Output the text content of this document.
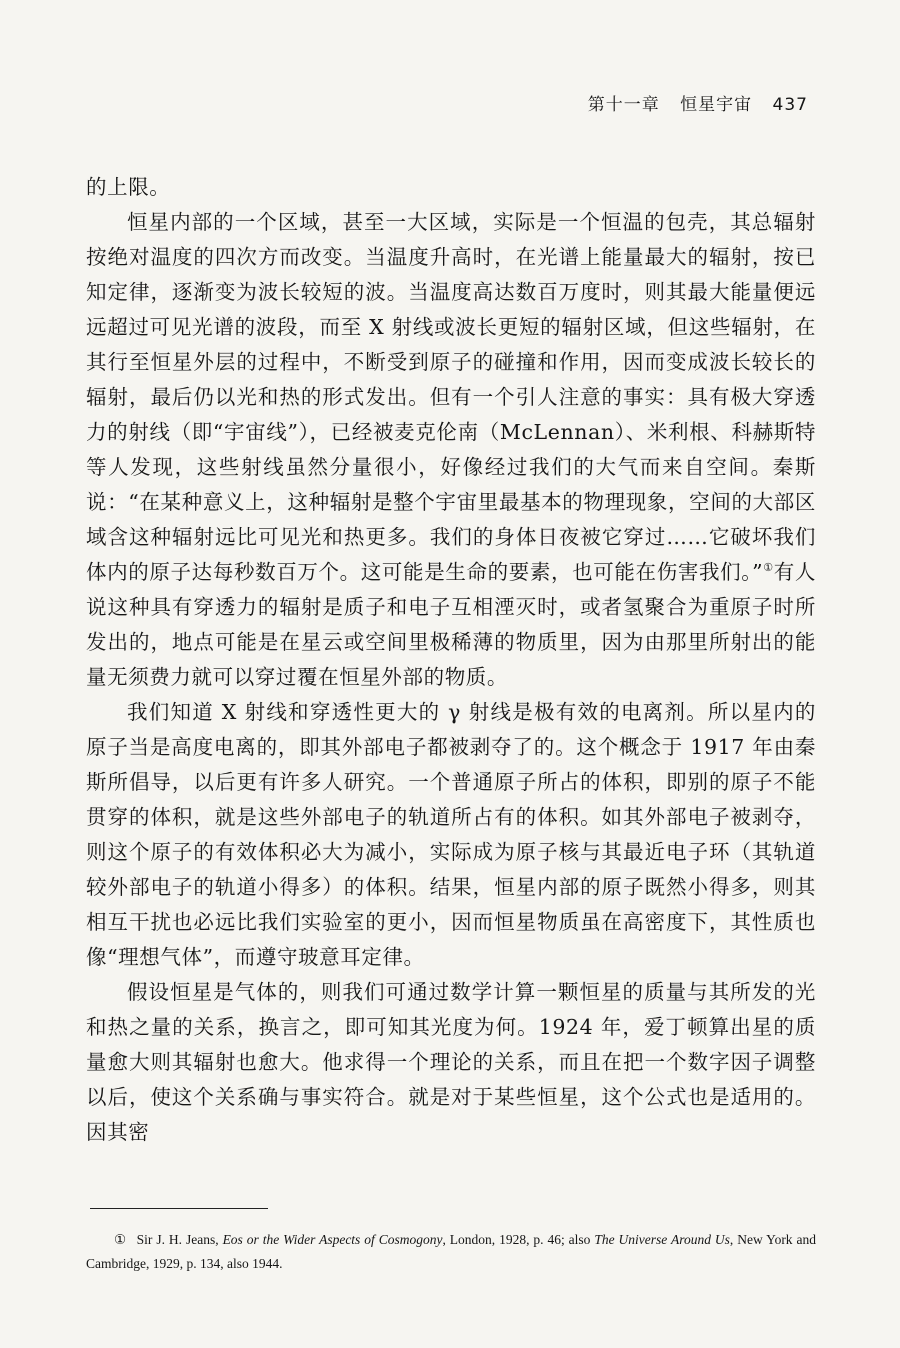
第十一章 恒星宇宙 437

的上限。

恒星内部的一个区域，甚至一大区域，实际是一个恒温的包壳，其总辐射按绝对温度的四次方而改变。当温度升高时，在光谱上能量最大的辐射，按已知定律，逐渐变为波长较短的波。当温度高达数百万度时，则其最大能量便远远超过可见光谱的波段，而至 X 射线或波长更短的辐射区域，但这些辐射，在其行至恒星外层的过程中，不断受到原子的碰撞和作用，因而变成波长较长的辐射，最后仍以光和热的形式发出。但有一个引人注意的事实：具有极大穿透力的射线（即“宇宙线”），已经被麦克伦南（McLennan）、米利根、科赫斯特等人发现，这些射线虽然分量很小，好像经过我们的大气而来自空间。秦斯说：“在某种意义上，这种辐射是整个宇宙里最基本的物理现象，空间的大部区域含这种辐射远比可见光和热更多。我们的身体日夜被它穿过……它破坏我们体内的原子达每秒数百万个。这可能是生命的要素，也可能在伤害我们。”①有人说这种具有穿透力的辐射是质子和电子互相湮灭时，或者氢聚合为重原子时所发出的，地点可能是在星云或空间里极稀薄的物质里，因为由那里所射出的能量无须费力就可以穿过覆在恒星外部的物质。

我们知道 X 射线和穿透性更大的 γ 射线是极有效的电离剂。所以星内的原子当是高度电离的，即其外部电子都被剥夺了的。这个概念于 1917 年由秦斯所倡导，以后更有许多人研究。一个普通原子所占的体积，即别的原子不能贯穿的体积，就是这些外部电子的轨道所占有的体积。如其外部电子被剥夺，则这个原子的有效体积必大为减小，实际成为原子核与其最近电子环（其轨道较外部电子的轨道小得多）的体积。结果，恒星内部的原子既然小得多，则其相互干扰也必远比我们实验室的更小，因而恒星物质虽在高密度下，其性质也像“理想气体”，而遵守玻意耳定律。

假设恒星是气体的，则我们可通过数学计算一颗恒星的质量与其所发的光和热之量的关系，换言之，即可知其光度为何。1924 年，爱丁顿算出星的质量愈大则其辐射也愈大。他求得一个理论的关系，而且在把一个数字因子调整以后，使这个关系确与事实符合。就是对于某些恒星，这个公式也是适用的。因其密

① Sir J. H. Jeans, Eos or the Wider Aspects of Cosmogony, London, 1928, p. 46; also The Universe Around Us, New York and Cambridge, 1929, p. 134, also 1944.
